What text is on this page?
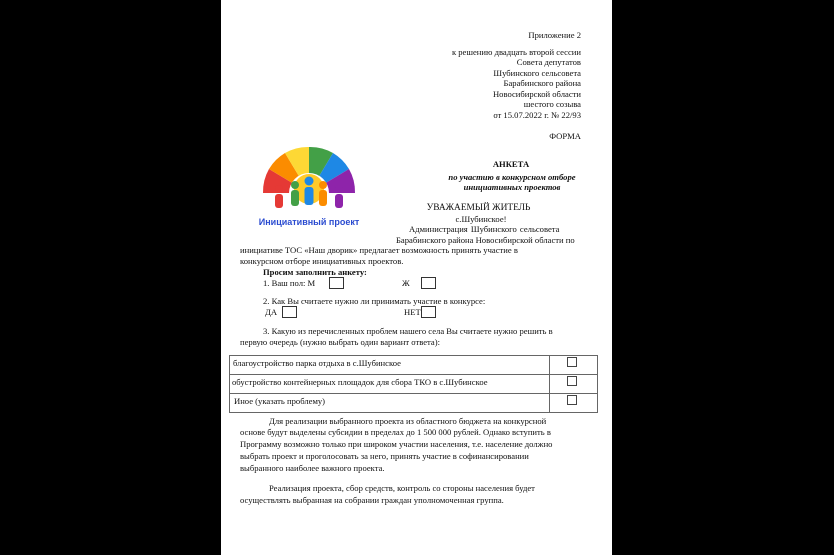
Приложение 2
к решению двадцать второй сессии
Совета депутатов
Шубинского сельсовета
Барабинского района
Новосибирской области
шестого созыва
от 15.07.2022 г. № 22/93
ФОРМА
Инициативный проект
АНКЕТА
по участию в конкурсном отборе
инициативных проектов
УВАЖАЕМЫЙ ЖИТЕЛЬ
с.Шубинское!
Администрация Шубинского сельсовета
Барабинского района Новосибирской области по
инициативе ТОС «Наш дворик» предлагает возможность принять участие в
конкурсном отборе инициативных проектов.
Просим заполнить анкету:
1. Ваш пол: М	Ж
2. Как Вы считаете нужно ли принимать участие в конкурсе:
ДА	НЕТ
3. Какую из перечисленных проблем нашего села Вы считаете нужно решить в
первую очередь (нужно выбрать один вариант ответа):
благоустройство парка отдыха в с.Шубинское
обустройство контейнерных площадок для сбора ТКО в с.Шубинское
Иное (указать проблему)
Для реализации выбранного проекта из областного бюджета на конкурсной
основе будут выделены субсидии в пределах до 1 500 000 рублей. Однако вступить в
Программу возможно только при широком участии населения, т.е. население должно
выбрать проект и проголосовать за него, принять участие в софинансировании
выбранного наиболее важного проекта.
Реализация проекта, сбор средств, контроль со стороны населения будет
осуществлять выбранная на собрании граждан уполномоченная группа.
